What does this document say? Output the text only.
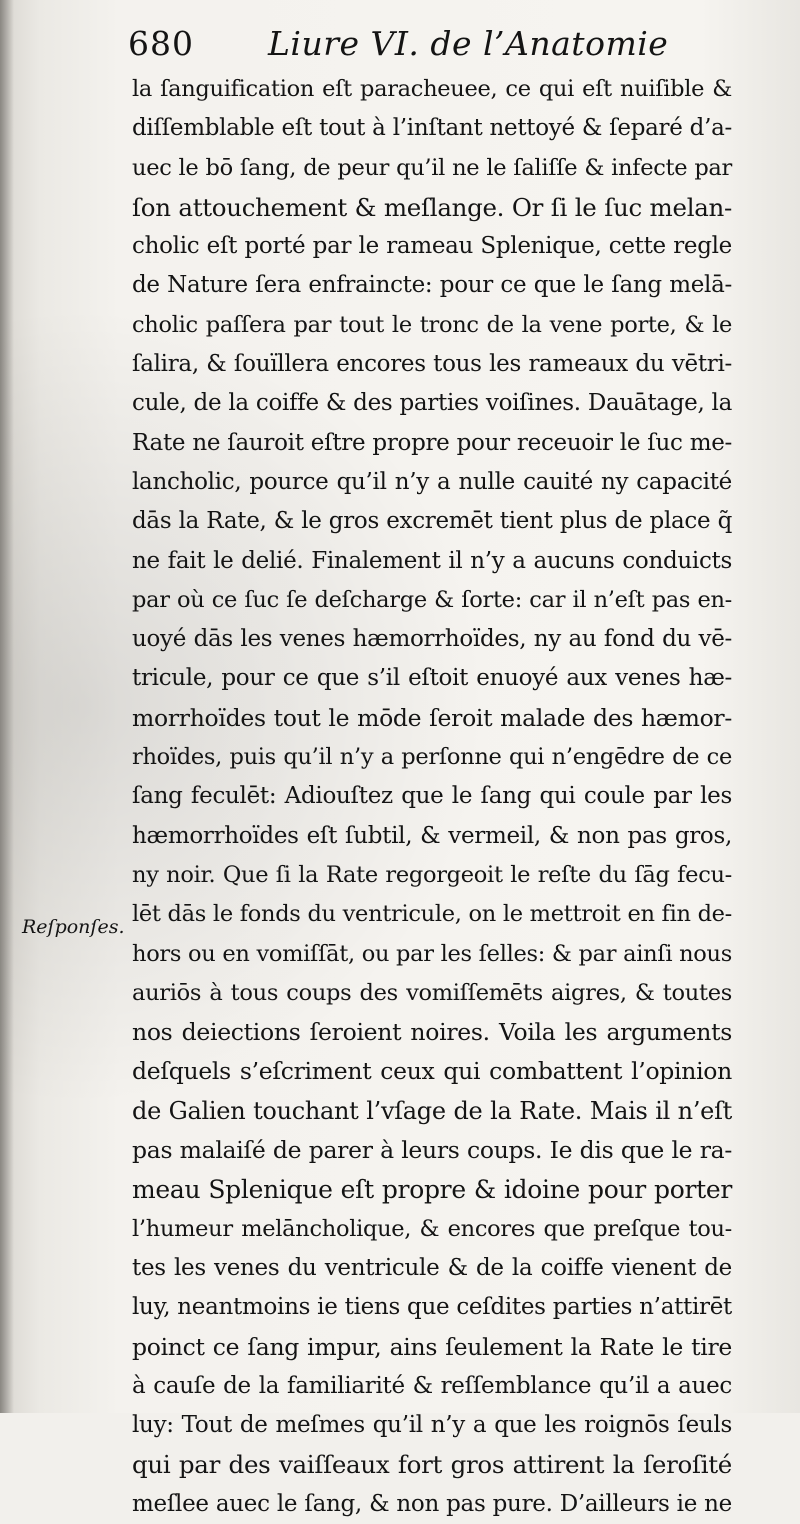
680 Liure VI. de l’Anatomie
Reſponſes.
la ſanguification eſt paracheuee, ce qui eſt nuiſible &
diſſemblable eſt tout à l’inſtant nettoyé & ſeparé d’a-
uec le bō ſang, de peur qu’il ne le ſaliſſe & infecte par
ſon attouchement & meſlange. Or ſi le ſuc melan-
cholic eſt porté par le rameau Splenique, cette regle
de Nature ſera enfraincte: pour ce que le ſang melā-
cholic paſſera par tout le tronc de la vene porte, & le
ſalira, & ſouïllera encores tous les rameaux du vētri-
cule, de la coiffe & des parties voiſines. Dauātage, la
Rate ne ſauroit eſtre propre pour receuoir le ſuc me-
lancholic, pource qu’il n’y a nulle cauité ny capacité
dās la Rate, & le gros excremēt tient plus de place q̃
ne fait le delié. Finalement il n’y a aucuns conduicts
par où ce ſuc ſe deſcharge & ſorte: car il n’eſt pas en-
uoyé dās les venes hæmorrhoïdes, ny au fond du vē-
tricule, pour ce que s’il eſtoit enuoyé aux venes hæ-
morrhoïdes tout le mōde ſeroit malade des hæmor-
rhoïdes, puis qu’il n’y a perſonne qui n’engēdre de ce
ſang feculēt: Adiouſtez que le ſang qui coule par les
hæmorrhoïdes eſt ſubtil, & vermeil, & non pas gros,
ny noir. Que ſi la Rate regorgeoit le reſte du ſāg fecu-
lēt dās le fonds du ventricule, on le mettroit en fin de-
hors ou en vomiſſāt, ou par les ſelles: & par ainſi nous
auriōs à tous coups des vomiſſemēts aigres, & toutes
nos deiections ſeroient noires. Voila les arguments
deſquels s’eſcriment ceux qui combattent l’opinion
de Galien touchant l’vſage de la Rate. Mais il n’eſt
pas malaiſé de parer à leurs coups. Ie dis que le ra-
meau Splenique eſt propre & idoine pour porter
l’humeur melāncholique, & encores que preſque tou-
tes les venes du ventricule & de la coiffe vienent de
luy, neantmoins ie tiens que ceſdites parties n’attirēt
poinct ce ſang impur, ains ſeulement la Rate le tire
à cauſe de la familiarité & reſſemblance qu’il a auec
luy: Tout de meſmes qu’il n’y a que les roignōs ſeuls
qui par des vaiſſeaux fort gros attirent la ſeroſité
meſlee auec le ſang, & non pas pure. D’ailleurs ie ne
